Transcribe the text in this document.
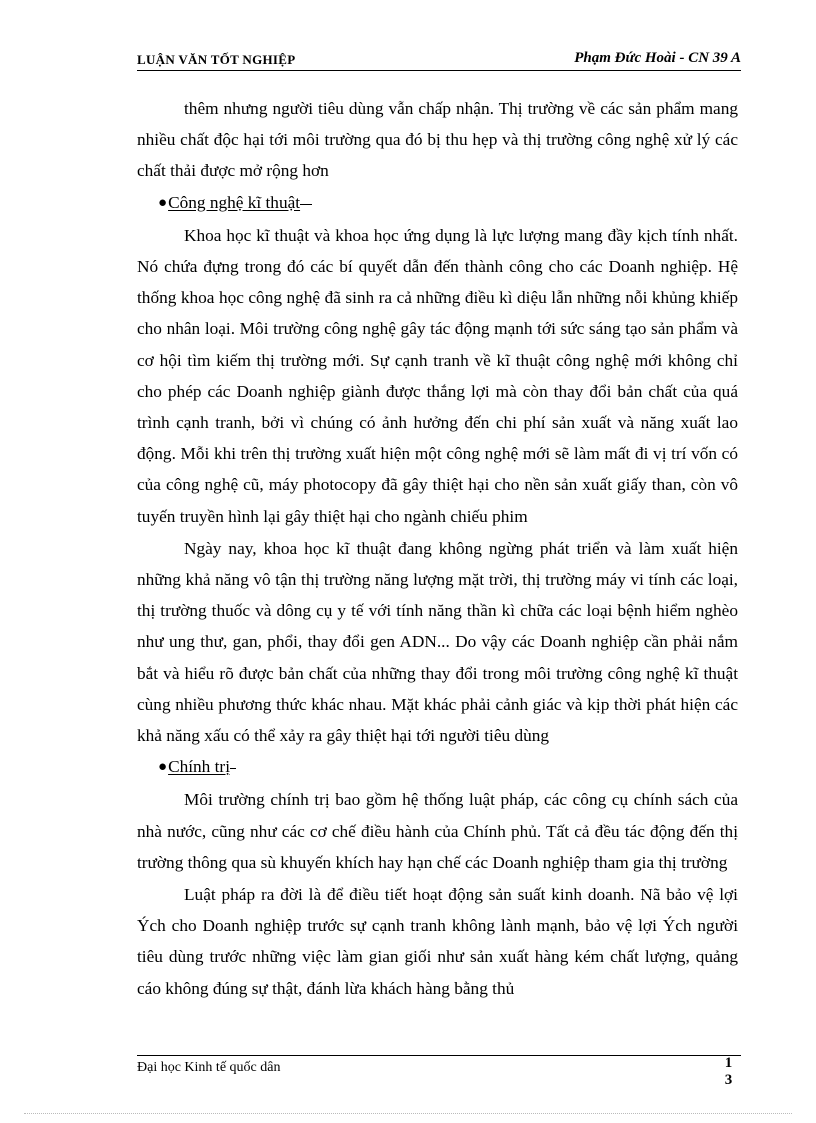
LUẬN VĂN TỐT NGHIỆP	Phạm Đức Hoài - CN 39 A

thêm nhưng người tiêu dùng vẫn chấp nhận. Thị trường về các sản phẩm mang nhiều chất độc hại tới môi trường qua đó bị thu hẹp và thị trường công nghệ xử lý các chất thải được mở rộng hơn

●Công nghệ kĩ thuật

Khoa học kĩ thuật và khoa học ứng dụng là lực lượng mang đầy kịch tính nhất. Nó chứa đựng trong đó các bí quyết dẫn đến thành công cho các Doanh nghiệp. Hệ thống khoa học công nghệ đã sinh ra cả những điều kì diệu lẫn những nỗi khủng khiếp cho nhân loại. Môi trường công nghệ gây tác động mạnh tới sức sáng tạo sản phẩm và cơ hội tìm kiếm thị trường mới. Sự cạnh tranh về kĩ thuật công nghệ mới không chỉ cho phép các Doanh nghiệp giành được thắng lợi mà còn thay đổi bản chất của quá trình cạnh tranh, bởi vì chúng có ảnh hưởng đến chi phí sản xuất và năng xuất lao động. Mỗi khi trên thị trường xuất hiện một công nghệ mới sẽ làm mất đi vị trí vốn có của công nghệ cũ, máy photocopy đã gây thiệt hại cho nền sản xuất giấy than, còn vô tuyến truyền hình lại gây thiệt hại cho ngành chiếu phim

Ngày nay, khoa học kĩ thuật đang không ngừng phát triển và làm xuất hiện những khả năng vô tận thị trường năng lượng mặt trời, thị trường máy vi tính các loại, thị trường thuốc và dông cụ y tế với tính năng thần kì chữa các loại bệnh hiểm nghèo như ung thư, gan, phổi, thay đổi gen ADN... Do vậy các Doanh nghiệp cần phải nắm bắt và hiểu rõ được bản chất của những thay đổi trong môi trường công nghệ kĩ thuật cùng nhiều phương thức khác nhau. Mặt khác phải cảnh giác và kịp thời phát hiện các khả năng xấu có thể xảy ra gây thiệt hại tới người tiêu dùng

●Chính trị

Môi trường chính trị bao gồm hệ thống luật pháp, các công cụ chính sách của nhà nước, cũng như các cơ chế điều hành của Chính phủ. Tất cả đều tác động đến thị trường thông qua sù khuyến khích hay hạn chế các Doanh nghiệp tham gia thị trường

Luật pháp ra đời là để điều tiết hoạt động sản suất kinh doanh. Nã bảo vệ lợi Ých cho Doanh nghiệp trước sự cạnh tranh không lành mạnh, bảo vệ lợi Ých người tiêu dùng trước những việc làm gian giối như sản xuất hàng kém chất lượng, quảng cáo không đúng sự thật, đánh lừa khách hàng bằng thủ

Đại học Kinh tế quốc dân	1
3
